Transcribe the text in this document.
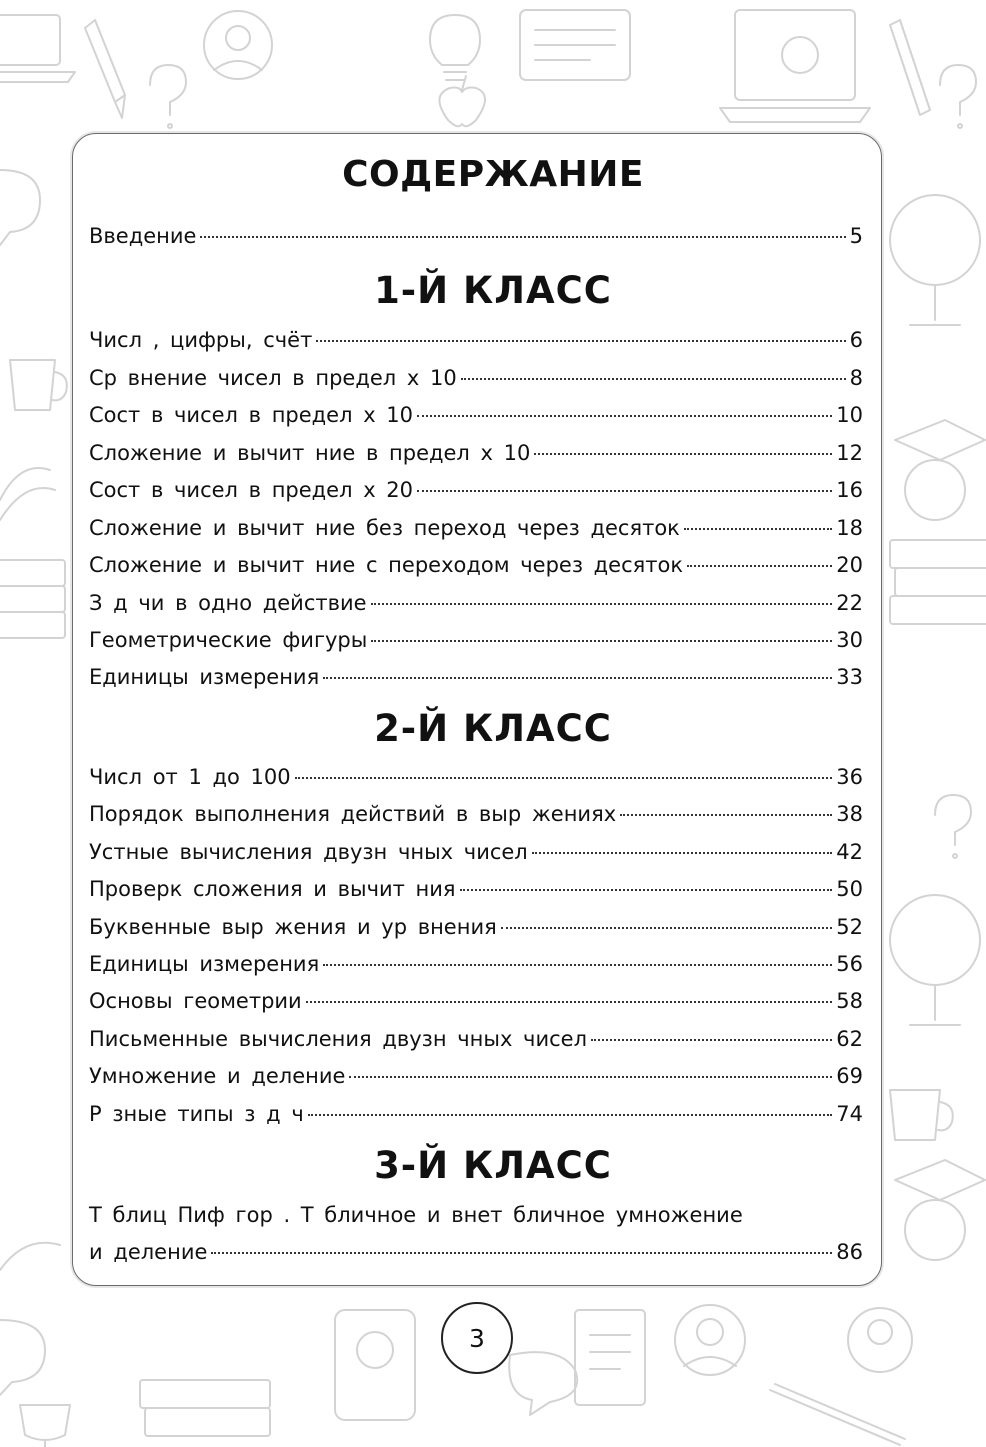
СОДЕРЖАНИЕ
Введение	5
1-Й КЛАСС
Числ , цифры, счёт	6
Ср внение чисел в предел х 10	8
Сост в чисел в предел х 10	10
Сложение и вычит ние в предел х 10	12
Сост в чисел в предел х 20	16
Сложение и вычит ние без переход через десяток	18
Сложение и вычит ние с переходом через десяток	20
З д чи в одно действие	22
Геометрические фигуры	30
Единицы измерения	33
2-Й КЛАСС
Числ от 1 до 100	36
Порядок выполнения действий в выр жениях	38
Устные вычисления двузн чных чисел	42
Проверк сложения и вычит ния	50
Буквенные выр жения и ур внения	52
Единицы измерения	56
Основы геометрии	58
Письменные вычисления двузн чных чисел	62
Умножение и деление	69
Р зные типы з д ч	74
3-Й КЛАСС
Т блиц Пиф гор . Т бличное и внет бличное умножение
и деление	86
3
